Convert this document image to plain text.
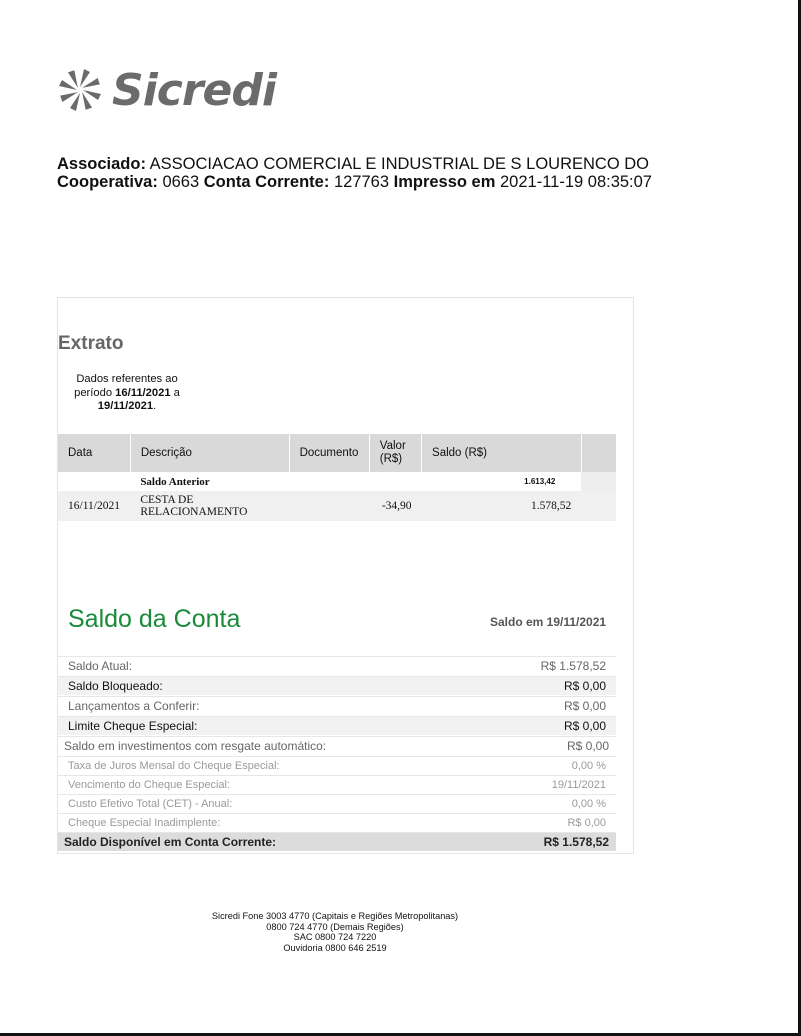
Sicredi
Associado: ASSOCIACAO COMERCIAL E INDUSTRIAL DE S LOURENCO DO
Cooperativa: 0663 Conta Corrente: 127763 Impresso em 2021-11-19 08:35:07
Extrato
Dados referentes ao período 16/11/2021 a 19/11/2021.
Data	Descrição	Documento	Valor (R$)	Saldo (R$)	
	Saldo Anterior			1.613,42	
16/11/2021	CESTA DE RELACIONAMENTO		-34,90	1.578,52	
Saldo da Conta	Saldo em 19/11/2021
Saldo Atual:	R$ 1.578,52
Saldo Bloqueado:	R$ 0,00
Lançamentos a Conferir:	R$ 0,00
Limite Cheque Especial:	R$ 0,00
Saldo em investimentos com resgate automático:	R$ 0,00
Taxa de Juros Mensal do Cheque Especial:	0,00 %
Vencimento do Cheque Especial:	19/11/2021
Custo Efetivo Total (CET) - Anual:	0,00 %
Cheque Especial Inadimplente:	R$ 0,00
Saldo Disponível em Conta Corrente:	R$ 1.578,52
Sicredi Fone 3003 4770 (Capitais e Regiões Metropolitanas)
0800 724 4770 (Demais Regiões)
SAC 0800 724 7220
Ouvidoria 0800 646 2519
